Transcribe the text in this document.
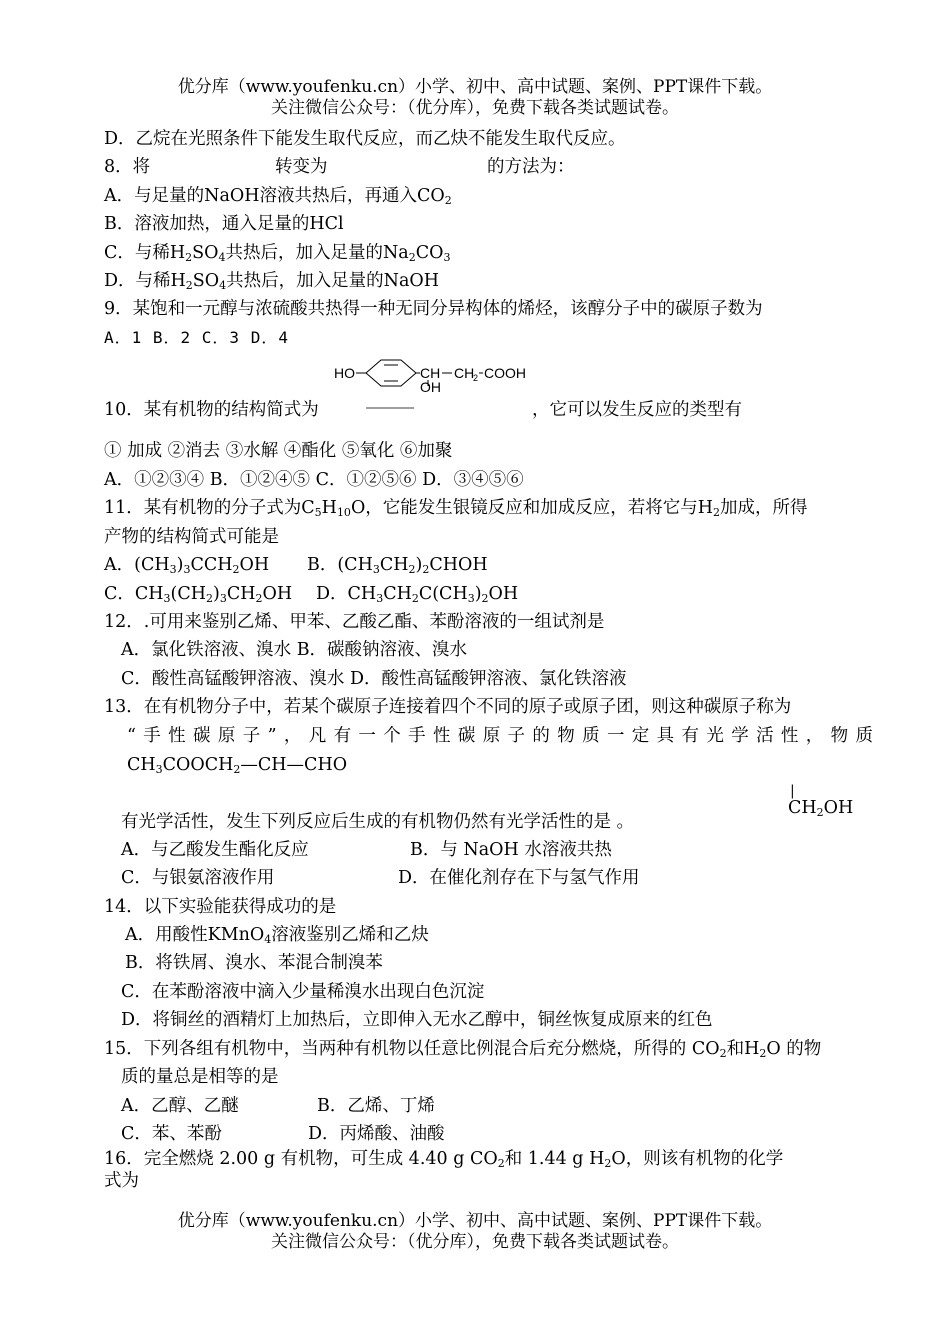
优分库（www.youfenku.cn）小学、初中、高中试题、案例、PPT课件下载。
关注微信公众号：（优分库），免费下载各类试题试卷。
D．乙烷在光照条件下能发生取代反应，而乙炔不能发生取代反应。
8．将	转变为	的方法为：
A．与足量的NaOH溶液共热后，再通入$CO_2$
B．溶液加热，通入足量的HCl
C．与稀$H_2SO_4$共热后，加入足量的$Na_2CO_3$
D．与稀$H_2SO_4$共热后，加入足量的NaOH
9．某饱和一元醇与浓硫酸共热得一种无同分异构体的烯烃，该醇分子中的碳原子数为
A．1 B．2 C．3 D．4
HO	CH
OH
CH
2 COOH
10．某有机物的结构简式为	，它可以发生反应的类型有
① 加成 ②消去 ③水解 ④酯化 ⑤氧化 ⑥加聚
A．①②③④ B．①②④⑤ C．①②⑤⑥ D．③④⑤⑥
11．某有机物的分子式为$C_5H_{10}O$，它能发生银镜反应和加成反应，若将它与$H_2$加成，所得
产物的结构简式可能是
A．$(CH_3)_3CCH_2OH$ B．$(CH_3CH_2)_2CHOH$
C．$CH_3(CH_2)_3CH_2OH$ D．$CH_3CH_2C(CH_3)_2OH$
12．.可用来鉴别乙烯、甲苯、乙酸乙酯、苯酚溶液的一组试剂是
A．氯化铁溶液、溴水 B．碳酸钠溶液、溴水
C．酸性高锰酸钾溶液、溴水 D．酸性高锰酸钾溶液、氯化铁溶液
13．在有机物分子中，若某个碳原子连接着四个不同的原子或原子团，则这种碳原子称为
“手性碳原子”，凡有一个手性碳原子的物质一定具有光学活性，物质
$CH_3COOCH_2—CH—CHO$
|
$CH_2OH$
有光学活性，发生下列反应后生成的有机物仍然有光学活性的是 。
A．与乙酸发生酯化反应	B．与 NaOH 水溶液共热
C．与银氨溶液作用	D．在催化剂存在下与氢气作用
14．以下实验能获得成功的是
A．用酸性KMnO$_4$溶液鉴别乙烯和乙炔
B．将铁屑、溴水、苯混合制溴苯
C．在苯酚溶液中滴入少量稀溴水出现白色沉淀
D．将铜丝的酒精灯上加热后，立即伸入无水乙醇中，铜丝恢复成原来的红色
15．下列各组有机物中，当两种有机物以任意比例混合后充分燃烧，所得的 $CO_2$和$H_2O$ 的物
质的量总是相等的是
A．乙醇、乙醚	B．乙烯、丁烯
C．苯、苯酚	D．丙烯酸、油酸
16．完全燃烧 2.00 g 有机物，可生成 4.40 g $CO_2$和 1.44 g $H_2O$，则该有机物的化学
式为
优分库（www.youfenku.cn）小学、初中、高中试题、案例、PPT课件下载。
关注微信公众号：（优分库），免费下载各类试题试卷。
